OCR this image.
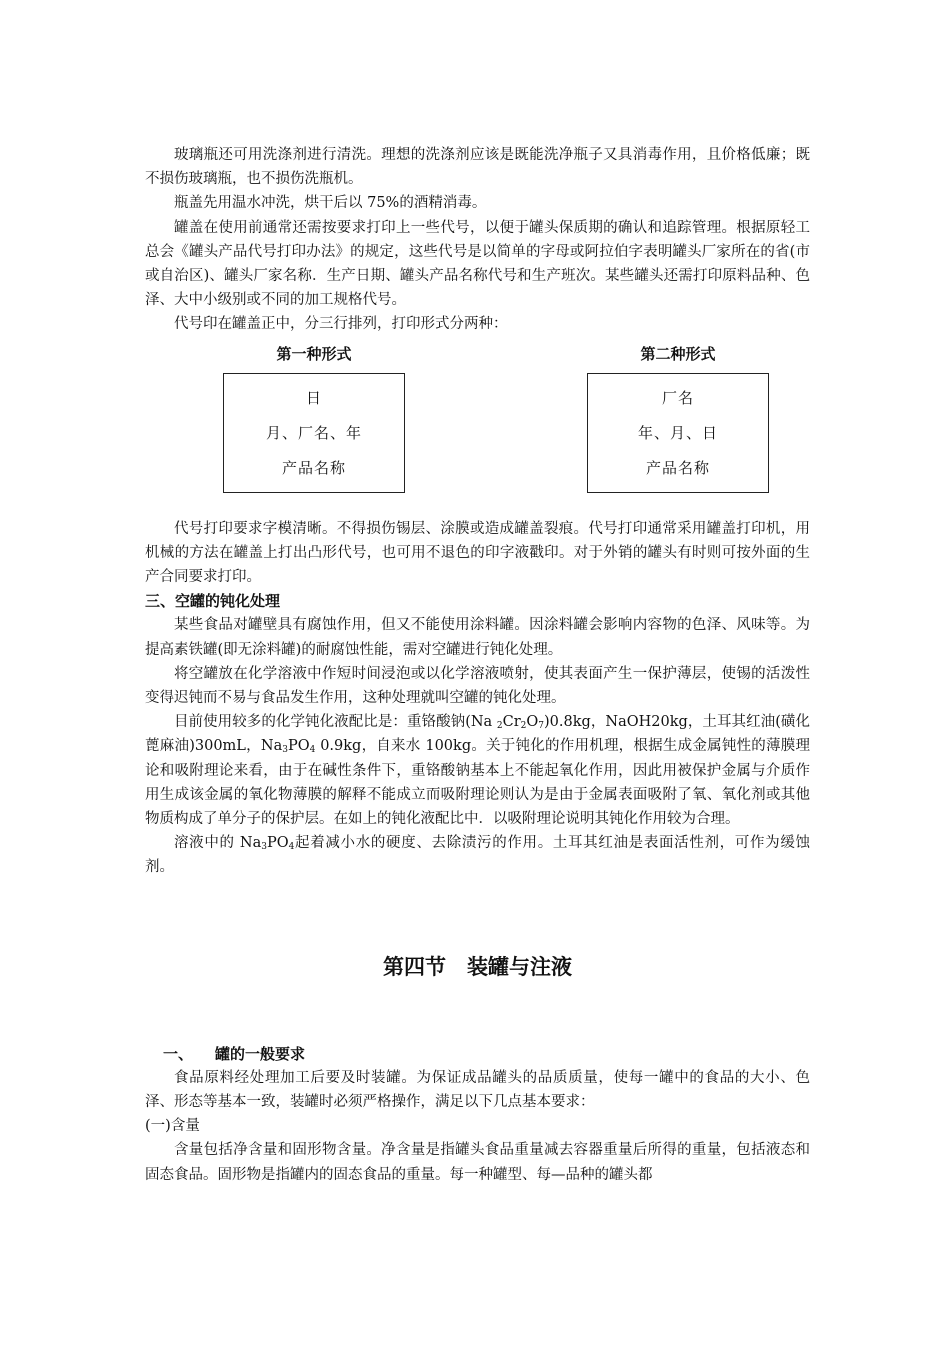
玻璃瓶还可用洗涤剂进行清洗。理想的洗涤剂应该是既能洗净瓶子又具消毒作用，且价格低廉；既不损伤玻璃瓶，也不损伤洗瓶机。

瓶盖先用温水冲洗，烘干后以 75%的酒精消毒。

罐盖在使用前通常还需按要求打印上一些代号，以便于罐头保质期的确认和追踪管理。根据原轻工总会《罐头产品代号打印办法》的规定，这些代号是以简单的字母或阿拉伯字表明罐头厂家所在的省(市或自治区)、罐头厂家名称．生产日期、罐头产品名称代号和生产班次。某些罐头还需打印原料品种、色泽、大中小级别或不同的加工规格代号。

代号印在罐盖正中，分三行排列，打印形式分两种：

第一种形式
日
月、厂名、年
产品名称
第二种形式
厂名
年、月、日
产品名称

代号打印要求字模清晰。不得损伤锡层、涂膜或造成罐盖裂痕。代号打印通常采用罐盖打印机，用机械的方法在罐盖上打出凸形代号，也可用不退色的印字液戳印。对于外销的罐头有时则可按外面的生产合同要求打印。

三、空罐的钝化处理

某些食品对罐壁具有腐蚀作用，但又不能使用涂料罐。因涂料罐会影响内容物的色泽、风味等。为提高素铁罐(即无涂料罐)的耐腐蚀性能，需对空罐进行钝化处理。

将空罐放在化学溶液中作短时间浸泡或以化学溶液喷射，使其表面产生一保护薄层，使锡的活泼性变得迟钝而不易与食品发生作用，这种处理就叫空罐的钝化处理。

目前使用较多的化学钝化液配比是：重铬酸钠(Na $_2Cr_2O_7)0.8kg$，NaOH20kg，土耳其红油(磺化蓖麻油)300mL，$Na_3PO_4$ 0.9kg，自来水 100kg。关于钝化的作用机理，根据生成金属钝性的薄膜理论和吸附理论来看，由于在碱性条件下，重铬酸钠基本上不能起氧化作用，因此用被保护金属与介质作用生成该金属的氧化物薄膜的解释不能成立而吸附理论则认为是由于金属表面吸附了氧、氧化剂或其他物质构成了单分子的保护层。在如上的钝化液配比中．以吸附理论说明其钝化作用较为合理。

溶液中的 $Na_3PO_4$起着减小水的硬度、去除渍污的作用。土耳其红油是表面活性剂，可作为缓蚀剂。

第四节　装罐与注液
一、 罐的一般要求

食品原料经处理加工后要及时装罐。为保证成品罐头的品质质量，使每一罐中的食品的大小、色泽、形态等基本一致，装罐时必须严格操作，满足以下几点基本要求：

(一)含量

含量包括净含量和固形物含量。净含量是指罐头食品重量减去容器重量后所得的重量，包括液态和固态食品。固形物是指罐内的固态食品的重量。每一种罐型、每—品种的罐头都
